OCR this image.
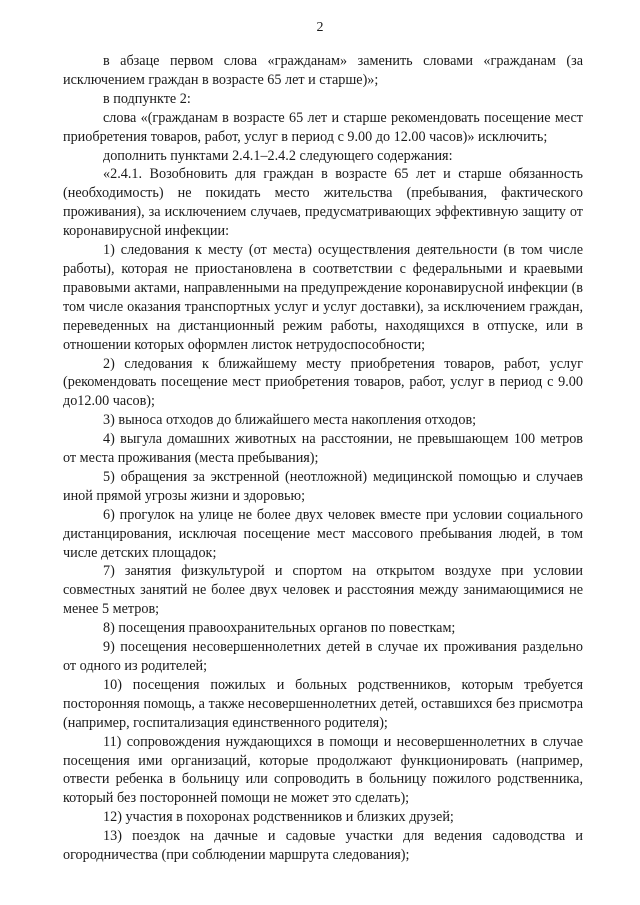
2

в абзаце первом слова «гражданам» заменить словами «гражданам (за исключением граждан в возрасте 65 лет и старше)»;

в подпункте 2:

слова «(гражданам в возрасте 65 лет и старше рекомендовать посещение мест приобретения товаров, работ, услуг в период с 9.00 до 12.00 часов)» исключить;

дополнить пунктами 2.4.1–2.4.2 следующего содержания:

«2.4.1. Возобновить для граждан в возрасте 65 лет и старше обязанность (необходимость) не покидать место жительства (пребывания, фактического проживания), за исключением случаев, предусматривающих эффективную защиту от коронавирусной инфекции:

1) следования к месту (от места) осуществления деятельности (в том числе работы), которая не приостановлена в соответствии с федеральными и краевыми правовыми актами, направленными на предупреждение коронавирусной инфекции (в том числе оказания транспортных услуг и услуг доставки), за исключением граждан, переведенных на дистанционный режим работы, находящихся в отпуске, или в отношении которых оформлен листок нетрудоспособности;

2) следования к ближайшему месту приобретения товаров, работ, услуг (рекомендовать посещение мест приобретения товаров, работ, услуг в период с 9.00 до12.00 часов);

3) выноса отходов до ближайшего места накопления отходов;

4) выгула домашних животных на расстоянии, не превышающем 100 метров от места проживания (места пребывания);

5) обращения за экстренной (неотложной) медицинской помощью и случаев иной прямой угрозы жизни и здоровью;

6) прогулок на улице не более двух человек вместе при условии социального дистанцирования, исключая посещение мест массового пребывания людей, в том числе детских площадок;

7) занятия физкультурой и спортом на открытом воздухе при условии совместных занятий не более двух человек и расстояния между занимающимися не менее 5 метров;

8) посещения правоохранительных органов по повесткам;

9) посещения несовершеннолетних детей в случае их проживания раздельно от одного из родителей;

10) посещения пожилых и больных родственников, которым требуется посторонняя помощь, а также несовершеннолетних детей, оставшихся без присмотра (например, госпитализация единственного родителя);

11) сопровождения нуждающихся в помощи и несовершеннолетних в случае посещения ими организаций, которые продолжают функционировать (например, отвести ребенка в больницу или сопроводить в больницу пожилого родственника, который без посторонней помощи не может это сделать);

12) участия в похоронах родственников и близких друзей;

13) поездок на дачные и садовые участки для ведения садоводства и огородничества (при соблюдении маршрута следования);
